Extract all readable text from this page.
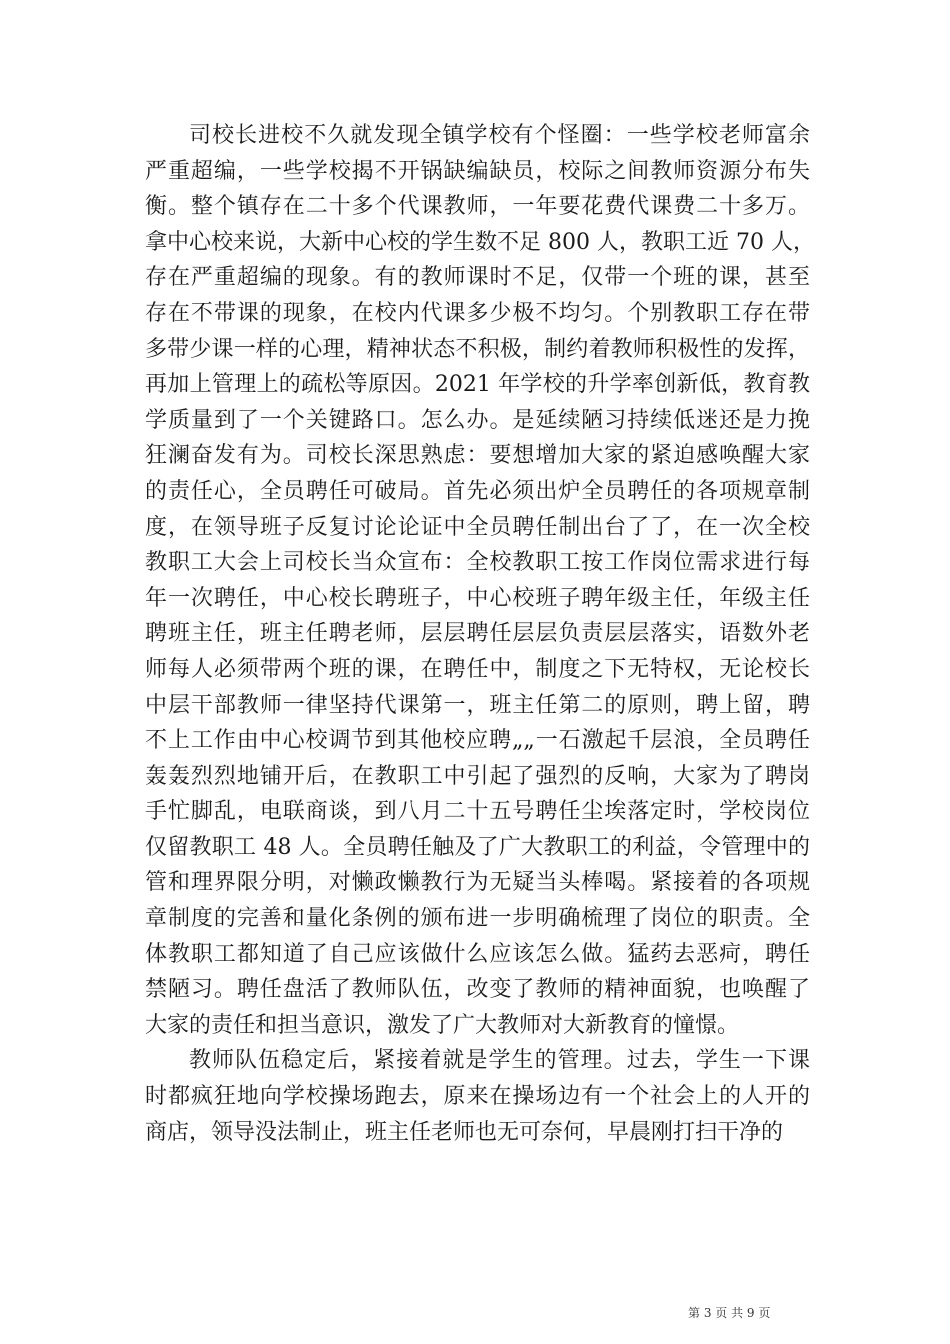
司校长进校不久就发现全镇学校有个怪圈：一些学校老师富余
严重超编，一些学校揭不开锅缺编缺员，校际之间教师资源分布失
衡。整个镇存在二十多个代课教师，一年要花费代课费二十多万。
拿中心校来说，大新中心校的学生数不足 800 人，教职工近 70 人，
存在严重超编的现象。有的教师课时不足，仅带一个班的课，甚至
存在不带课的现象，在校内代课多少极不均匀。个别教职工存在带
多带少课一样的心理，精神状态不积极，制约着教师积极性的发挥，
再加上管理上的疏松等原因。2021 年学校的升学率创新低，教育教
学质量到了一个关键路口。怎么办。是延续陋习持续低迷还是力挽
狂澜奋发有为。司校长深思熟虑：要想增加大家的紧迫感唤醒大家
的责任心，全员聘任可破局。首先必须出炉全员聘任的各项规章制
度，在领导班子反复讨论论证中全员聘任制出台了了，在一次全校
教职工大会上司校长当众宣布：全校教职工按工作岗位需求进行每
年一次聘任，中心校长聘班子，中心校班子聘年级主任，年级主任
聘班主任，班主任聘老师，层层聘任层层负责层层落实，语数外老
师每人必须带两个班的课，在聘任中，制度之下无特权，无论校长
中层干部教师一律坚持代课第一，班主任第二的原则，聘上留，聘
不上工作由中心校调节到其他校应聘„„一石激起千层浪，全员聘任
轰轰烈烈地铺开后，在教职工中引起了强烈的反响，大家为了聘岗
手忙脚乱，电联商谈，到八月二十五号聘任尘埃落定时，学校岗位
仅留教职工 48 人。全员聘任触及了广大教职工的利益，令管理中的
管和理界限分明，对懒政懒教行为无疑当头棒喝。紧接着的各项规
章制度的完善和量化条例的颁布进一步明确梳理了岗位的职责。全
体教职工都知道了自己应该做什么应该怎么做。猛药去恶疴，聘任
禁陋习。聘任盘活了教师队伍，改变了教师的精神面貌，也唤醒了
大家的责任和担当意识，激发了广大教师对大新教育的憧憬。
教师队伍稳定后，紧接着就是学生的管理。过去，学生一下课
时都疯狂地向学校操场跑去，原来在操场边有一个社会上的人开的
商店，领导没法制止，班主任老师也无可奈何，早晨刚打扫干净的
第 3 页 共 9 页
